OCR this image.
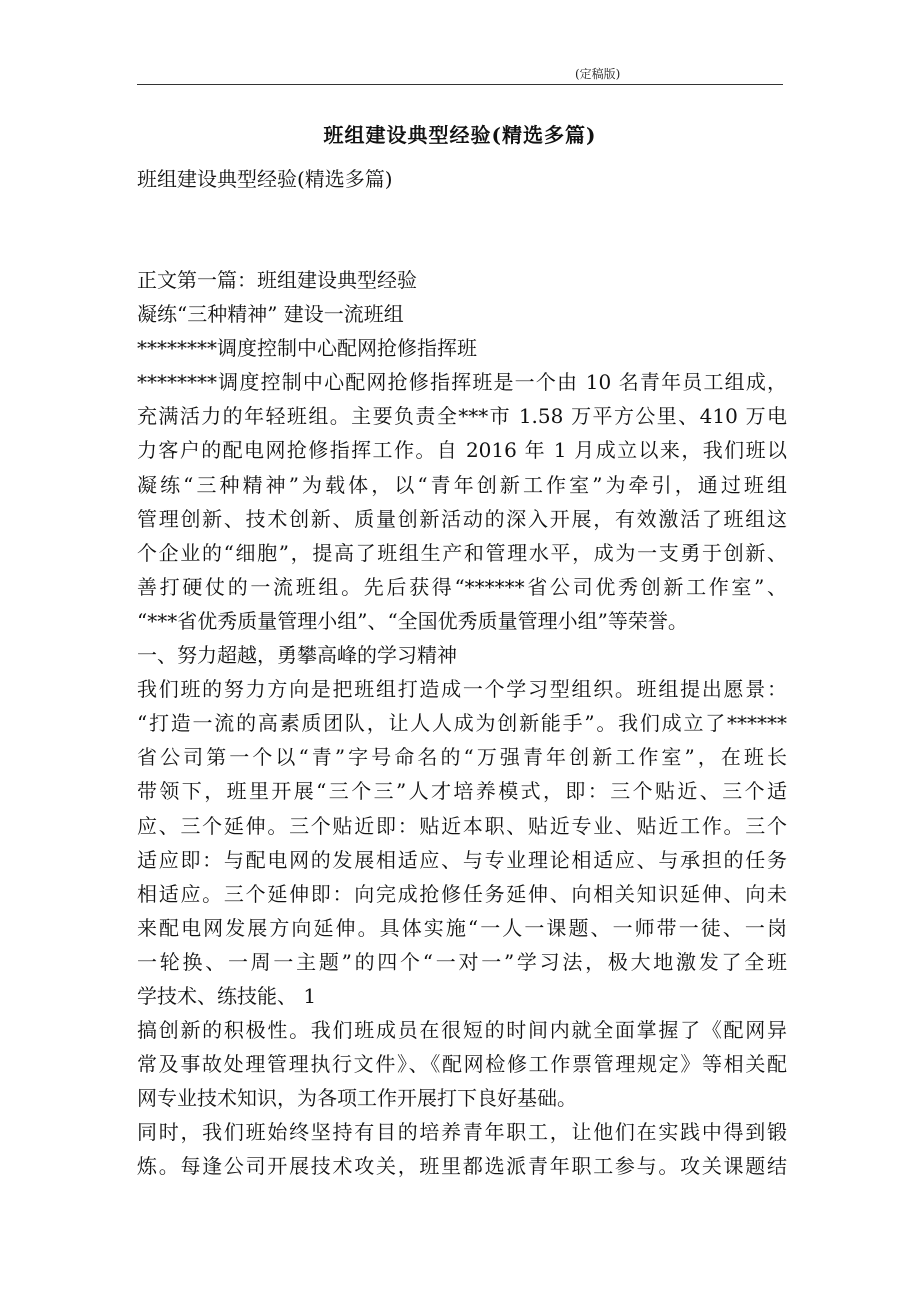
(定稿版)
班组建设典型经验(精选多篇)
班组建设典型经验(精选多篇)
正文第一篇：班组建设典型经验
凝练“三种精神” 建设一流班组
********调度控制中心配网抢修指挥班
********调度控制中心配网抢修指挥班是一个由 10 名青年员工组成，
充满活力的年轻班组。主要负责全***市 1.58 万平方公里、410 万电
力客户的配电网抢修指挥工作。自 2016 年 1 月成立以来，我们班以
凝练“三种精神”为载体，以“青年创新工作室”为牵引，通过班组
管理创新、技术创新、质量创新活动的深入开展，有效激活了班组这
个企业的“细胞”，提高了班组生产和管理水平，成为一支勇于创新、
善打硬仗的一流班组。先后获得“******省公司优秀创新工作室”、
“***省优秀质量管理小组”、“全国优秀质量管理小组”等荣誉。
一、努力超越，勇攀高峰的学习精神
我们班的努力方向是把班组打造成一个学习型组织。班组提出愿景：
“打造一流的高素质团队，让人人成为创新能手”。我们成立了******
省公司第一个以“青”字号命名的“万强青年创新工作室”，在班长
带领下，班里开展“三个三”人才培养模式，即：三个贴近、三个适
应、三个延伸。三个贴近即：贴近本职、贴近专业、贴近工作。三个
适应即：与配电网的发展相适应、与专业理论相适应、与承担的任务
相适应。三个延伸即：向完成抢修任务延伸、向相关知识延伸、向未
来配电网发展方向延伸。具体实施“一人一课题、一师带一徒、一岗
一轮换、一周一主题”的四个“一对一”学习法，极大地激发了全班
学技术、练技能、 1
搞创新的积极性。我们班成员在很短的时间内就全面掌握了《配网异
常及事故处理管理执行文件》、《配网检修工作票管理规定》等相关配
网专业技术知识，为各项工作开展打下良好基础。
同时，我们班始终坚持有目的培养青年职工，让他们在实践中得到锻
炼。每逢公司开展技术攻关，班里都选派青年职工参与。攻关课题结
